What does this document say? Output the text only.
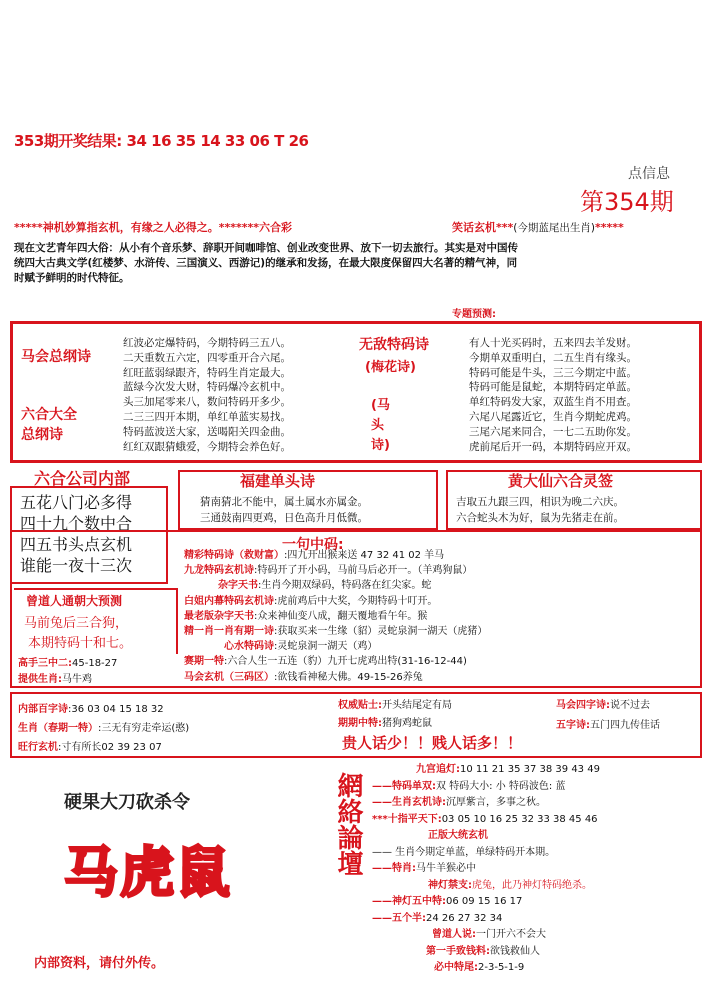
353期开奖结果: 34 16 35 14 33 06 T 26
点信息
第354期
*****神机妙算指玄机，有缘之人必得之。*******六合彩	笑话玄机***(今期蓝尾出生肖)*****
现在文艺青年四大俗：从小有个音乐梦、辞职开间咖啡馆、创业改变世界、放下一切去旅行。其实是对中国传
统四大古典文学(红楼梦、水浒传、三国演义、西游记)的继承和发扬，在最大限度保留四大名著的精气神，同
时赋予鲜明的时代特征。
专题预测:
马会总纲诗
六合大全
总纲诗
红波必定爆特码，今期特码三五八。
二天重数五六定，四零重开合六尾。
红旺蓝弱绿跟齐，特码生肖定最大。
蓝绿今次发大财，特码爆冷玄机中。
头三加尾零来八，数问特码开多少。
二三三四开本期，单红单蓝实易找。
特码蓝波送大家，送喝阳关四金曲。
红红双跟猜蛾爱，今期特会养色好。
无敌特码诗
(梅花诗)
(马头诗)
有人十光买码时，五来四去羊发财。
今期单双重明白，二五生肖有缘头。
特码可能是牛头，三三今期定中蓝。
特码可能是鼠蛇，本期特码定单蓝。
单红特码发大家，双蓝生肖不用查。
六尾八尾露近它，生肖今期蛇虎鸡。
三尾六尾来同合，一七二五助你发。
虎前尾后开一码，本期特码应开双。
六合公司内部
五花八门必多得
四十九个数中合
四五书头点玄机
谁能一夜十三次
福建单头诗
猜南猜北不能中，属土属水亦属金。
三通鼓南四更鸡，日色高升月低微。
黄大仙六合灵签
吉取五九跟三四，相识为晚二六庆。
六合蛇头木为好，鼠为先猪走在前。
一句中码:
精彩特码诗（救财富）:四九开出猴来送 47 32 41 02 羊马
九龙特码玄机诗:特码开了开小码，马前马后必开一。（羊鸡狗鼠）
杂字天书:生肖今期双绿码，特码落在红尖家。蛇
白姐内幕特码玄机诗:虎前鸡后中大奖，今期特码十叮开。
最老版杂字天书:众来神仙变八成，翻天覆地看午年。猴
精一肖一肖有期一诗:获取买来一生缘（貂）灵蛇泉洞一湖天（虎猪）
心水特码诗:灵蛇泉洞一湖天（鸡）
赛期一特:六合人生一五连（豹）九开七虎鸡出特(31-16-12-44)
马会玄机（三码区）:欲钱看神秘大佛。49-15-26养兔
曾道人通朝大预测
马前兔后三合狗，
本期特码十和七。
高手三中二:45-18-27
提供生肖:马牛鸡
内部百字诗:36 03 04 15 18 32
生肖（春期一特）:三无有穷走牵运(憨)
旺行玄机:寸有所长02 39 23 07
权威贴士:开头结尾定有局
期期中特:猪狗鸡蛇鼠
贵人话少！！贱人话多！！
马会四字诗:说不过去
五字诗:五门四九传佳话
硬果大刀砍杀令
马虎鼠
内部资料，请付外传。
網絡論壇
九宫追灯:10 11 21 35 37 38 39 43 49
——特码单双:双 特码大小: 小 特码波色: 蓝
——生肖玄机诗:沉厚紫言，多事之秋。
***十指平天下:03 05 10 16 25 32 33 38 45 46
正版大统玄机
—— 生肖今期定单蓝，单绿特码开本期。
——特肖:马牛羊猴必中
神灯禁支:虎兔，此乃神灯特码绝杀。
——神灯五中特:06 09 15 16 17
——五个半:24 26 27 32 34
曾道人说:一门开六不会大
第一手致钱料:欲钱救仙人
必中特尾:2-3-5-1-9
